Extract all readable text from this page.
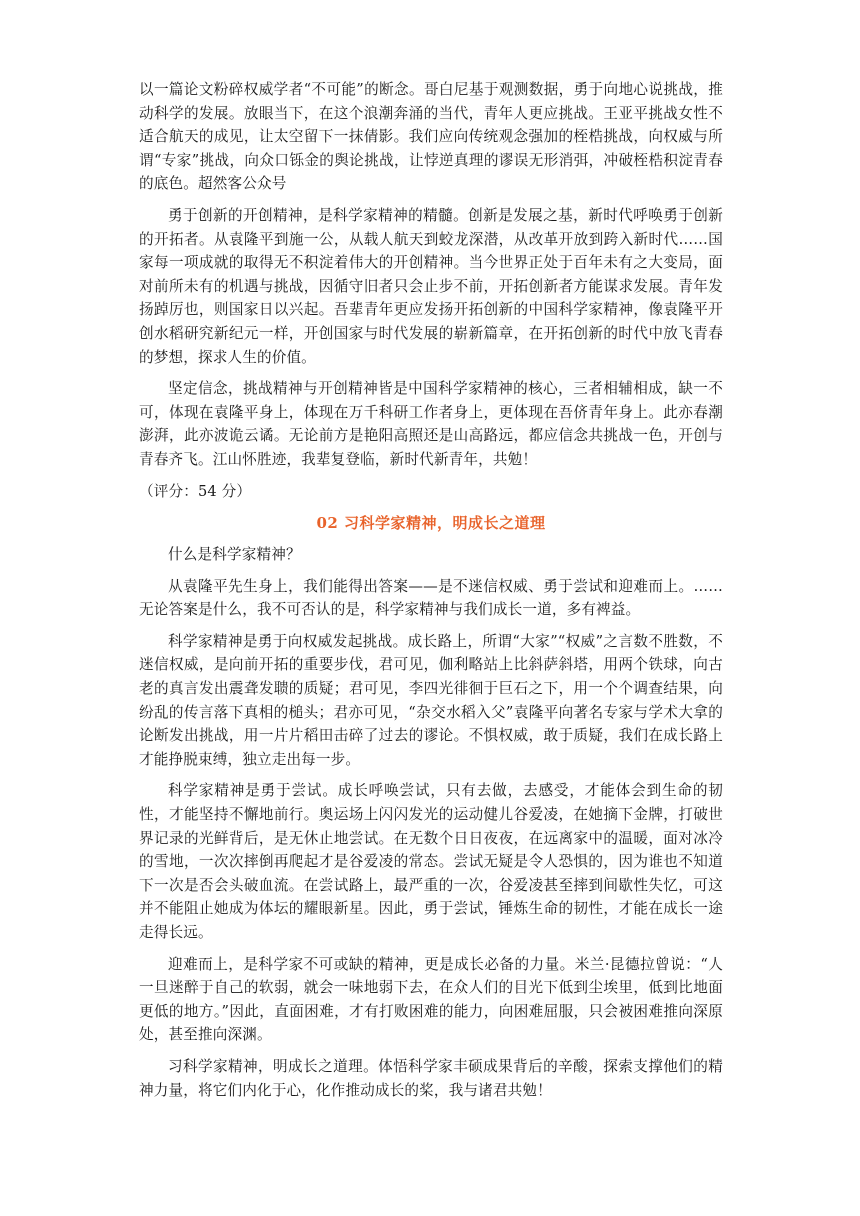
以一篇论文粉碎权威学者“不可能”的断念。哥白尼基于观测数据，勇于向地心说挑战，推动科学的发展。放眼当下，在这个浪潮奔涌的当代，青年人更应挑战。王亚平挑战女性不适合航天的成见，让太空留下一抹倩影。我们应向传统观念强加的桎梏挑战，向权威与所谓“专家”挑战，向众口铄金的舆论挑战，让悖逆真理的谬误无形消弭，冲破桎梏积淀青春的底色。超然客公众号

勇于创新的开创精神，是科学家精神的精髓。创新是发展之基，新时代呼唤勇于创新的开拓者。从袁隆平到施一公，从载人航天到蛟龙深潜，从改革开放到跨入新时代……国家每一项成就的取得无不积淀着伟大的开创精神。当今世界正处于百年未有之大变局，面对前所未有的机遇与挑战，因循守旧者只会止步不前，开拓创新者方能谋求发展。青年发扬踔厉也，则国家日以兴起。吾辈青年更应发扬开拓创新的中国科学家精神，像袁隆平开创水稻研究新纪元一样，开创国家与时代发展的崭新篇章，在开拓创新的时代中放飞青春的梦想，探求人生的价值。

坚定信念，挑战精神与开创精神皆是中国科学家精神的核心，三者相辅相成，缺一不可，体现在袁隆平身上，体现在万千科研工作者身上，更体现在吾侪青年身上。此亦春潮澎湃，此亦波诡云谲。无论前方是艳阳高照还是山高路远，都应信念共挑战一色，开创与青春齐飞。江山怀胜迹，我辈复登临，新时代新青年，共勉！

（评分：54 分）

02 习科学家精神，明成长之道理

什么是科学家精神？

从袁隆平先生身上，我们能得出答案——是不迷信权威、勇于尝试和迎难而上。……无论答案是什么，我不可否认的是，科学家精神与我们成长一道，多有裨益。

科学家精神是勇于向权威发起挑战。成长路上，所谓“大家”“权威”之言数不胜数，不迷信权威，是向前开拓的重要步伐，君可见，伽利略站上比斜萨斜塔，用两个铁球，向古老的真言发出震聋发聩的质疑；君可见，李四光徘徊于巨石之下，用一个个调查结果，向纷乱的传言落下真相的槌头；君亦可见，“杂交水稻入父”袁隆平向著名专家与学术大拿的论断发出挑战，用一片片稻田击碎了过去的谬论。不惧权威，敢于质疑，我们在成长路上才能挣脱束缚，独立走出每一步。

科学家精神是勇于尝试。成长呼唤尝试，只有去做，去感受，才能体会到生命的韧性，才能坚持不懈地前行。奥运场上闪闪发光的运动健儿谷爱凌，在她摘下金牌，打破世界记录的光鲜背后，是无休止地尝试。在无数个日日夜夜，在远离家中的温暖，面对冰冷的雪地，一次次摔倒再爬起才是谷爱凌的常态。尝试无疑是令人恐惧的，因为谁也不知道下一次是否会头破血流。在尝试路上，最严重的一次，谷爱凌甚至摔到间歇性失忆，可这并不能阻止她成为体坛的耀眼新星。因此，勇于尝试，锤炼生命的韧性，才能在成长一途走得长远。

迎难而上，是科学家不可或缺的精神，更是成长必备的力量。米兰·昆德拉曾说：“人一旦迷醉于自己的软弱，就会一味地弱下去，在众人们的目光下低到尘埃里，低到比地面更低的地方。”因此，直面困难，才有打败困难的能力，向困难屈服，只会被困难推向深原处，甚至推向深渊。

习科学家精神，明成长之道理。体悟科学家丰硕成果背后的辛酸，探索支撑他们的精神力量，将它们内化于心，化作推动成长的桨，我与诸君共勉！
